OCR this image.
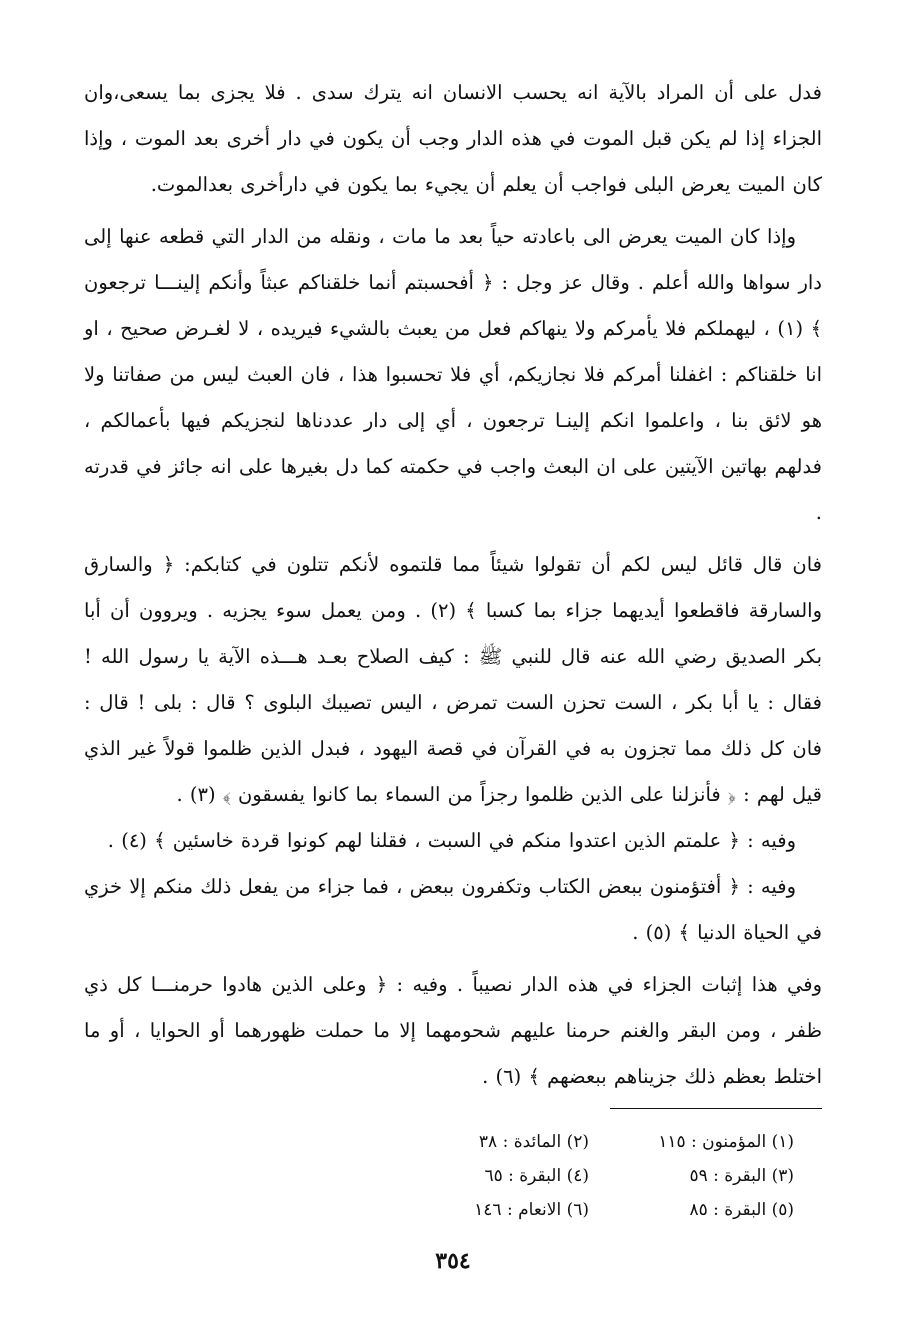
فدل على أن المراد بالآية انه يحسب الانسان انه يترك سدى . فلا يجزى بما يسعى،وان الجزاء إذا لم يكن قبل الموت في هذه الدار وجب أن يكون في دار أخرى بعد الموت ، وإذا كان الميت يعرض البلى فواجب أن يعلم أن يجيء بما يكون في دارأخرى بعدالموت.

وإذا كان الميت يعرض الى باعادته حياً بعد ما مات ، ونقله من الدار التي قطعه عنها إلى دار سواها والله أعلم . وقال عز وجل : ﴿ أفحسبتم أنما خلقناكم عبثاً وأنكم إلينـــا ترجعون ﴾ (١) ، ليهملكم فلا يأمركم ولا ينهاكم فعل من يعبث بالشيء فيريده ، لا لغـرض صحيح ، او انا خلقناكم : اغفلنا أمركم فلا نجازيكم، أي فلا تحسبوا هذا ، فان العبث ليس من صفاتنا ولا هو لائق بنا ، واعلموا انكم إلينـا ترجعون ، أي إلى دار عددناها لنجزيكم فيها بأعمالكم ، فدلهم بهاتين الآيتين على ان البعث واجب في حكمته كما دل بغيرها على انه جائز في قدرته .

فان قال قائل ليس لكم أن تقولوا شيئاً مما قلتموه لأنكم تتلون في كتابكم: ﴿ والسارق والسارقة فاقطعوا أيديهما جزاء بما كسبا ﴾ (٢) . ومن يعمل سوء يجزيه . ويروون أن أبا بكر الصديق رضي الله عنه قال للنبي ﷺ : كيف الصلاح بعـد هـــذه الآية يا رسول الله ! فقال : يا أبا بكر ، الست تحزن الست تمرض ، اليس تصيبك البلوى ؟ قال : بلى ! قال : فان كل ذلك مما تجزون به في القرآن في قصة اليهود ، فبدل الذين ظلموا قولاً غير الذي قيل لهم : ﴿ فأنزلنا على الذين ظلموا رجزاً من السماء بما كانوا يفسقون ﴾ (٣) .

وفيه : ﴿ علمتم الذين اعتدوا منكم في السبت ، فقلنا لهم كونوا قردة خاسئين ﴾ (٤) .

وفيه : ﴿ أفتؤمنون ببعض الكتاب وتكفرون ببعض ، فما جزاء من يفعل ذلك منكم إلا خزي في الحياة الدنيا ﴾ (٥) .

وفي هذا إثبات الجزاء في هذه الدار نصيباً . وفيه : ﴿ وعلى الذين هادوا حرمنـــا كل ذي ظفر ، ومن البقر والغنم حرمنا عليهم شحومهما إلا ما حملت ظهورهما أو الحوايا ، أو ما اختلط بعظم ذلك جزيناهم ببعضهم ﴾ (٦) .

(١) المؤمنون : ١١٥
(٢) المائدة : ٣٨
(٣) البقرة : ٥٩
(٤) البقرة : ٦٥
(٥) البقرة : ٨٥
(٦) الانعام : ١٤٦
٣٥٤
